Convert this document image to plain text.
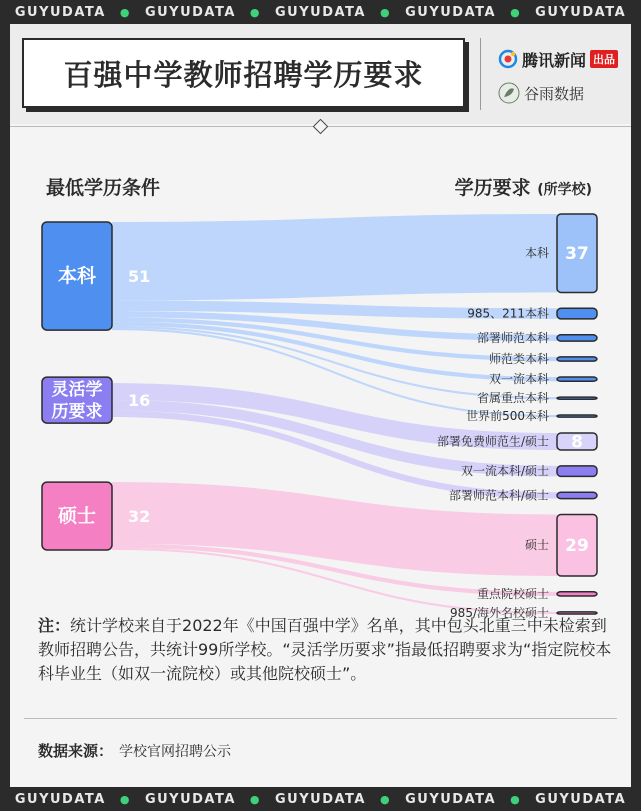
GUYUDATA ● GUYUDATA ● GUYUDATA ● GUYUDATA ● GUYUDATA
百强中学教师招聘学历要求	腾讯新闻 出品
谷雨数据
最低学历条件	学历要求 (所学校)
本科 51
灵活学
历要求
16
硕士 32
本科 37
985、211本科
部署师范本科
师范类本科
双一流本科
省属重点本科
世界前500本科
部署免费师范生/硕士 8
双一流本科/硕士
部署师范本科/硕士
硕士 29
重点院校硕士
985/海外名校硕士
注：统计学校来自于2022年《中国百强中学》名单，其中包头北重三中未检索到教师招聘公告，共统计99所学校。“灵活学历要求”指最低招聘要求为“指定院校本科毕业生（如双一流院校）或其他院校硕士”。
数据来源： 学校官网招聘公示
GUYUDATA ● GUYUDATA ● GUYUDATA ● GUYUDATA ● GUYUDATA
